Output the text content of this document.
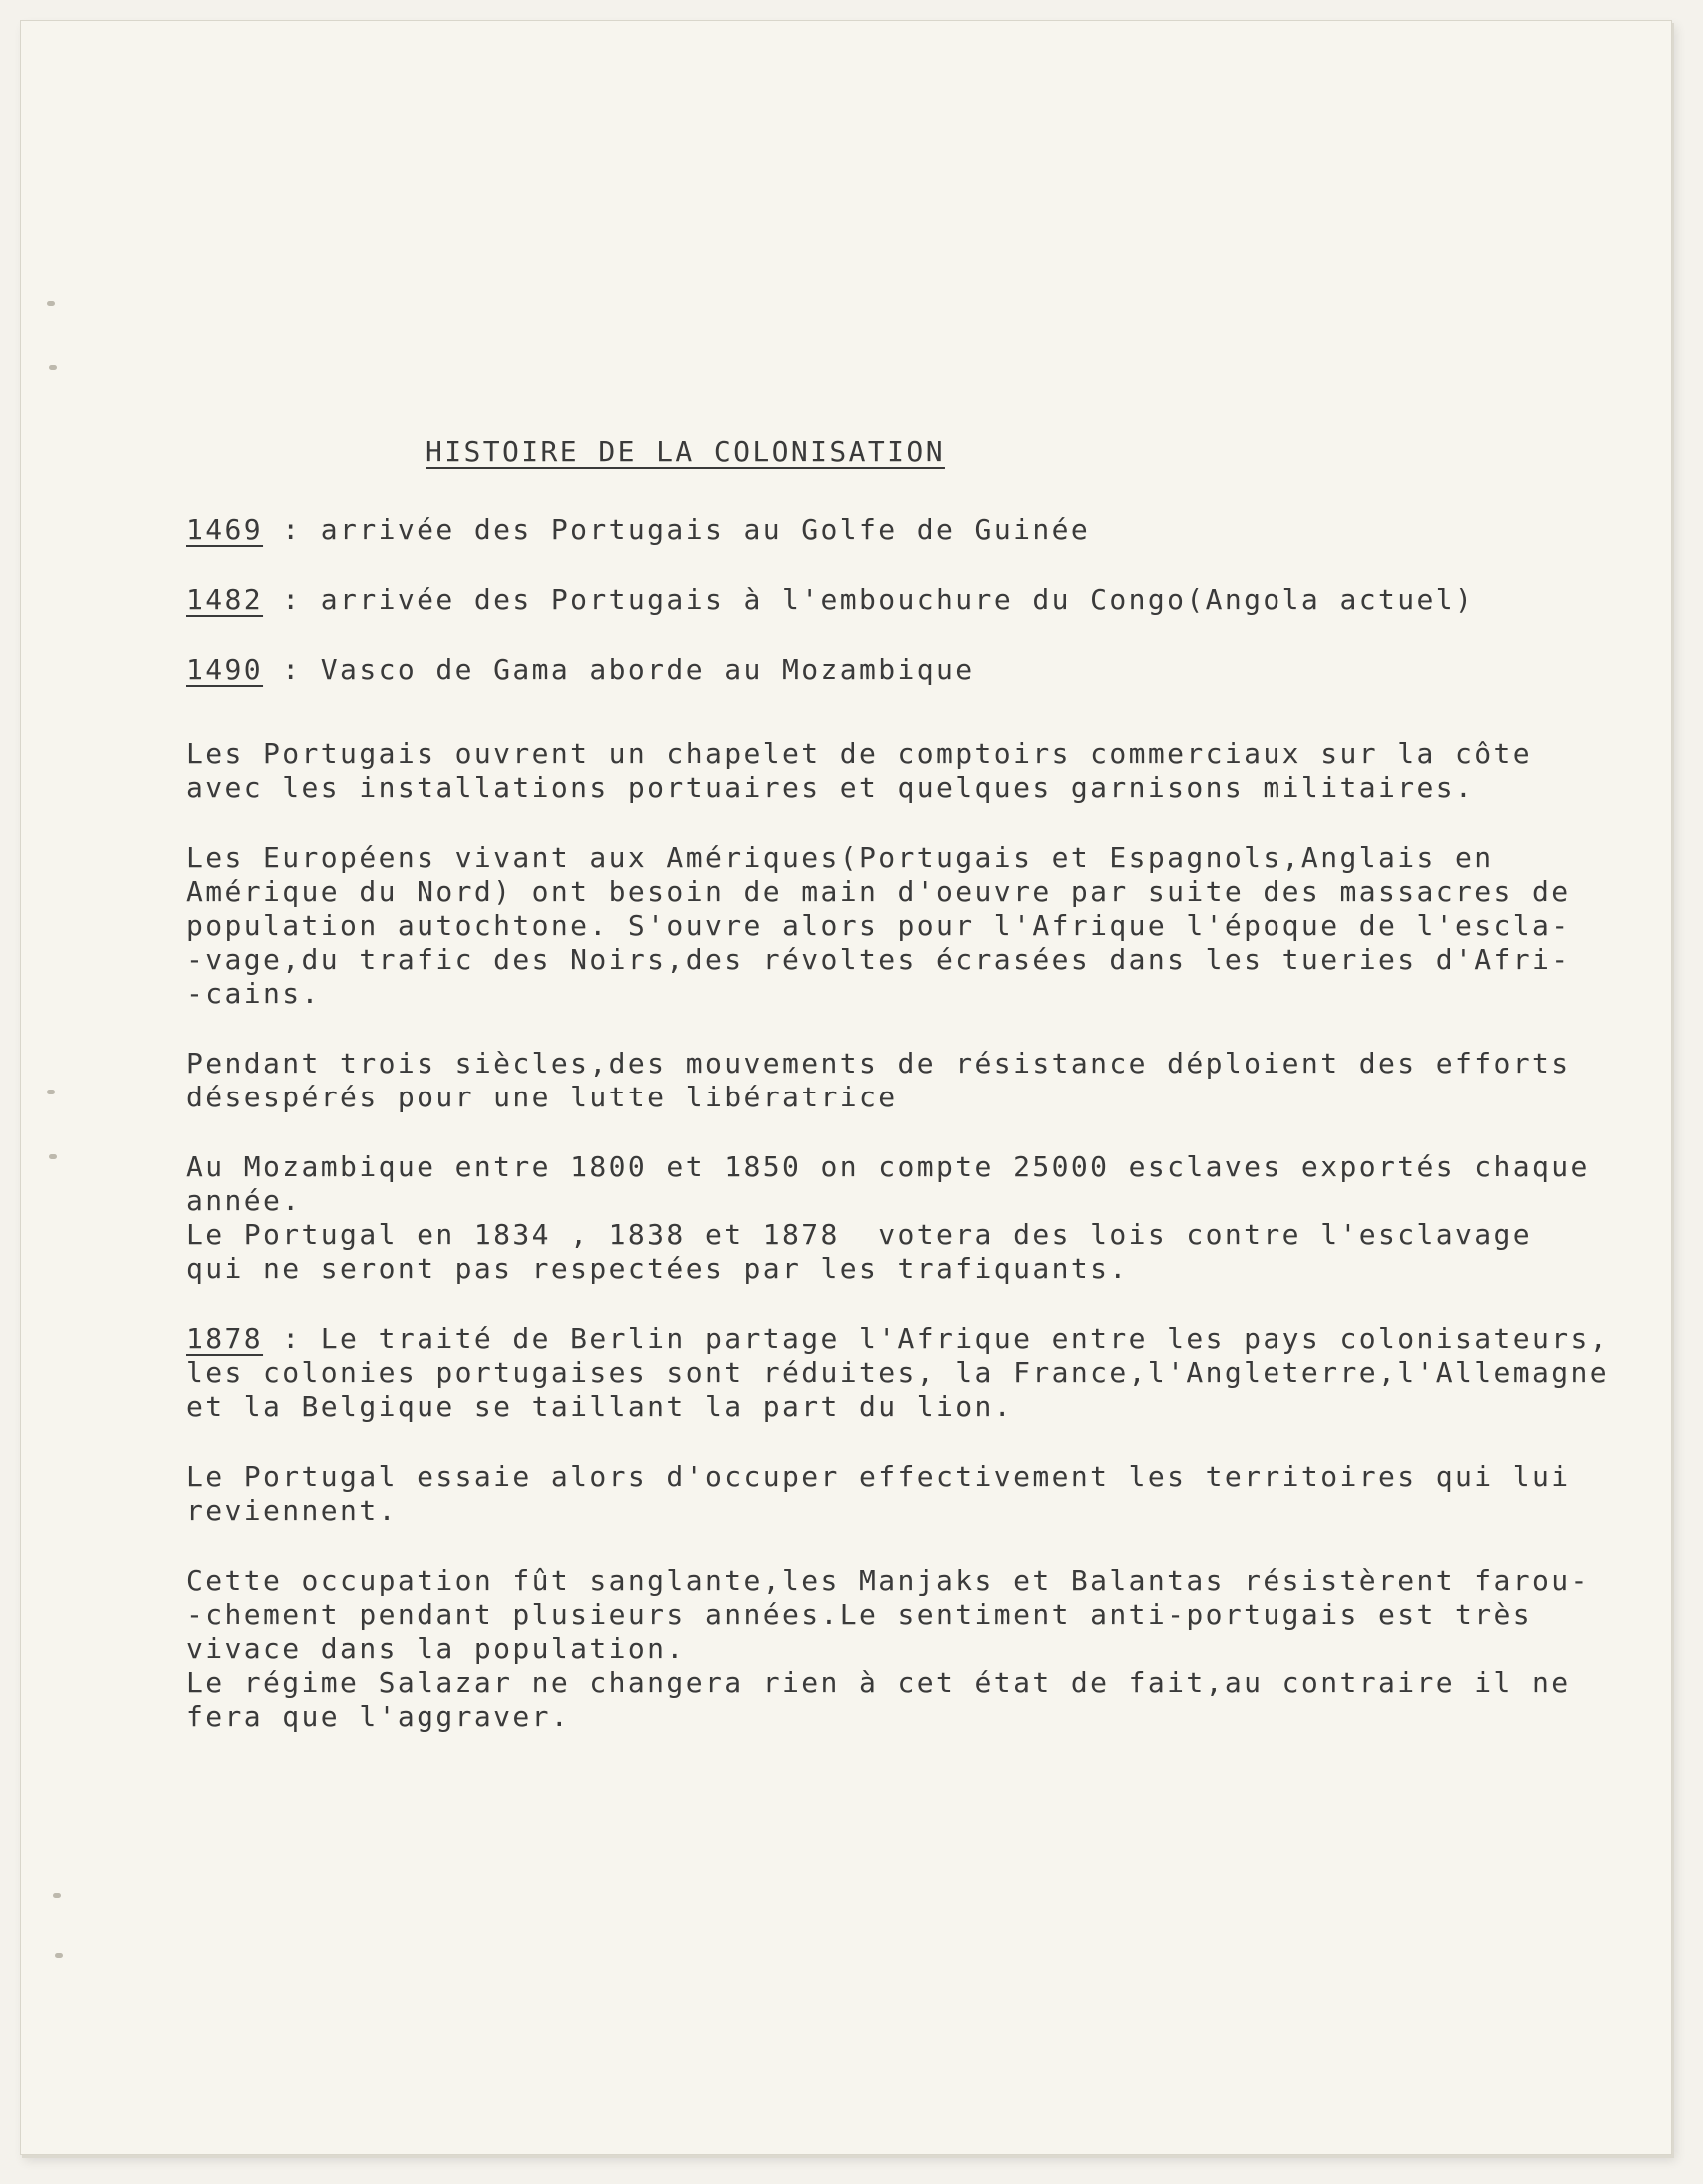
HISTOIRE DE LA COLONISATION
1469 : arrivée des Portugais au Golfe de Guinée
1482 : arrivée des Portugais à l'embouchure du Congo(Angola actuel)
1490 : Vasco de Gama aborde au Mozambique
Les Portugais ouvrent un chapelet de comptoirs commerciaux sur la côte
avec les installations portuaires et quelques garnisons militaires.
Les Européens vivant aux Amériques(Portugais et Espagnols,Anglais en
Amérique du Nord) ont besoin de main d'oeuvre par suite des massacres de
population autochtone. S'ouvre alors pour l'Afrique l'époque de l'escla-
-vage,du trafic des Noirs,des révoltes écrasées dans les tueries d'Afri-
-cains.
Pendant trois siècles,des mouvements de résistance déploient des efforts
désespérés pour une lutte libératrice
Au Mozambique entre 1800 et 1850 on compte 25000 esclaves exportés chaque
année.
Le Portugal en 1834 , 1838 et 1878  votera des lois contre l'esclavage
qui ne seront pas respectées par les trafiquants.
1878 : Le traité de Berlin partage l'Afrique entre les pays colonisateurs,
les colonies portugaises sont réduites, la France,l'Angleterre,l'Allemagne
et la Belgique se taillant la part du lion.
Le Portugal essaie alors d'occuper effectivement les territoires qui lui
reviennent.
Cette occupation fût sanglante,les Manjaks et Balantas résistèrent farou-
-chement pendant plusieurs années.Le sentiment anti-portugais est très
vivace dans la population.
Le régime Salazar ne changera rien à cet état de fait,au contraire il ne
fera que l'aggraver.
